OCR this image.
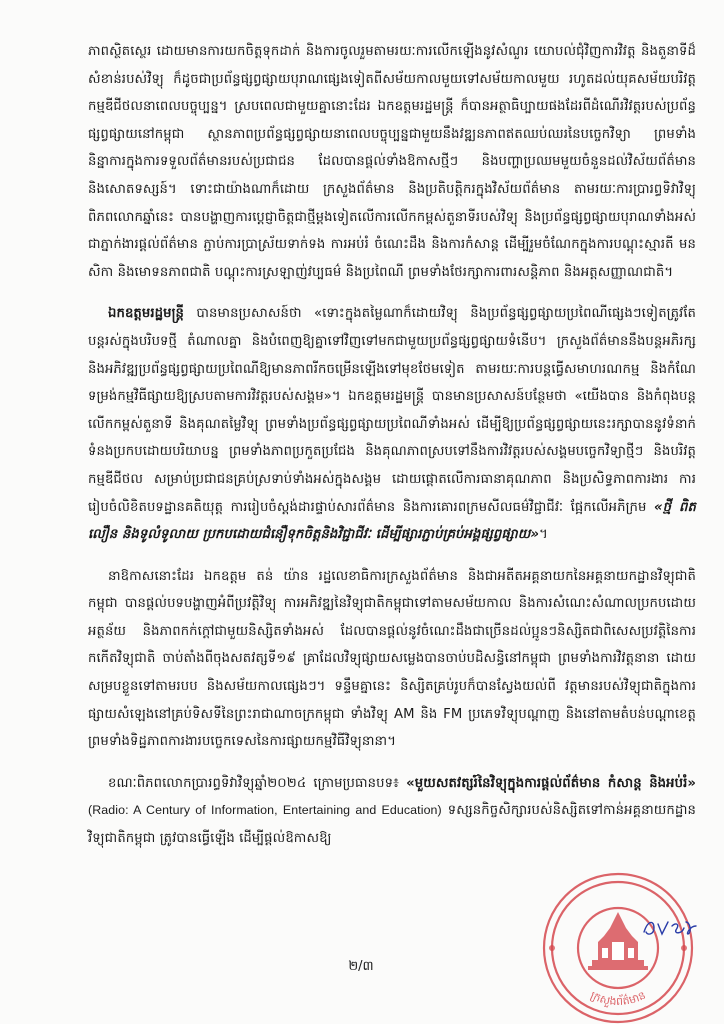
ភាពស្ថិតស្ថេរ ដោយមានការយកចិត្តទុកដាក់ និងការចូលរួមតាមរយៈការលើកឡើងនូវសំណួរ យោបល់ជុំវិញការវិវត្ត និងតួនាទីដ៏សំខាន់របស់វិទ្យុ ក៏ដូចជាប្រព័ន្ធផ្សព្វផ្សាយបុរាណផ្សេងទៀតពីសម័យកាលមួយទៅសម័យកាលមួយ រហូតដល់យុគសម័យបរិវត្តកម្មឌីជីថលនាពេលបច្ចុប្បន្ន។ ស្របពេលជាមួយគ្នានោះដែរ ឯកឧត្តមរដ្ឋមន្ត្រី ក៏បានអត្ថាធិប្បាយផងដែរពីដំណើរវិវត្តរបស់ប្រព័ន្ធផ្សព្វផ្សាយនៅកម្ពុជា ស្ថានភាពប្រព័ន្ធផ្សព្វផ្សាយនាពេលបច្ចុប្បន្នជាមួយនឹងវឌ្ឍនភាពឥតឈប់ឈរនៃបច្ចេកវិទ្យា ព្រមទាំងនិន្នាការក្នុងការទទួលព័ត៌មានរបស់ប្រជាជន ដែលបានផ្ដល់ទាំងឱកាសថ្មីៗ និងបញ្ហាប្រឈមមួយចំនួនដល់វិស័យព័ត៌មាន និងសោតទស្សន៍។ ទោះជាយ៉ាងណាក៏ដោយ ក្រសួងព័ត៌មាន និងប្រតិបត្តិករក្នុងវិស័យព័ត៌មាន តាមរយៈការប្រារព្ធទិវាវិទ្យុពិភពលោកឆ្នាំនេះ បានបង្ហាញការប្តេជ្ញាចិត្តជាថ្មីម្តងទៀតលើការលើកកម្ពស់តួនាទីរបស់វិទ្យុ និងប្រព័ន្ធផ្សព្វផ្សាយបុរាណទាំងអស់ ជាភ្នាក់ងារផ្ដល់ព័ត៌មាន ភ្ជាប់ការប្រាស្រ័យទាក់ទង ការអប់រំ ចំណេះដឹង និងការកំសាន្ត ដើម្បីរួមចំណែកក្នុងការបណ្ដុះស្មារតី មនសិកា និងមោទនភាពជាតិ បណ្ដុះការស្រឡាញ់វប្បធម៌ និងប្រពៃណី ព្រមទាំងថែរក្សាការពារសន្តិភាព និងអត្តសញ្ញាណជាតិ។

ឯកឧត្តមរដ្ឋមន្ត្រី បានមានប្រសាសន៍ថា «ទោះក្នុងតម្លៃណាក៏ដោយវិទ្យុ និងប្រព័ន្ធផ្សព្វផ្សាយប្រពៃណីផ្សេងៗទៀតត្រូវតែបន្តរស់ក្នុងបរិបទថ្មី តំណាលគ្នា និងបំពេញឱ្យគ្នាទៅវិញទៅមកជាមួយប្រព័ន្ធផ្សព្វផ្សាយទំនើប។ ក្រសួងព័ត៌មាននឹងបន្តអភិរក្ស និងអភិវឌ្ឍប្រព័ន្ធផ្សព្វផ្សាយប្រពៃណីឱ្យមានភាពរីកចម្រើនឡើងទៅមុខថែមទៀត តាមរយៈការបន្តធ្វើសមាហរណកម្ម និងកំណែទម្រង់កម្មវិធីផ្សាយឱ្យស្របតាមការវិវត្តរបស់សង្គម»។ ឯកឧត្តមរដ្ឋមន្ត្រី បានមានប្រសាសន៍បន្ថែមថា «យើងបាន និងកំពុងបន្តលើកកម្ពស់តួនាទី និងគុណតម្លៃវិទ្យុ ព្រមទាំងប្រព័ន្ធផ្សព្វផ្សាយប្រពៃណីទាំងអស់ ដើម្បីឱ្យប្រព័ន្ធផ្សព្វផ្សាយនេះរក្សាបាននូវទំនាក់ទំនងប្រកបដោយបរិយាបន្ន ព្រមទាំងភាពប្រកួតប្រជែង និងគុណភាពស្របទៅនឹងការវិវត្តរបស់សង្គមបច្ចេកវិទ្យាថ្មីៗ និងបរិវត្តកម្មឌីជីថល សម្រាប់ប្រជាជនគ្រប់ស្រទាប់ទាំងអស់ក្នុងសង្គម ដោយផ្តោតលើការធានាគុណភាព និងប្រសិទ្ធភាពការងារ ការរៀបចំលិខិតបទដ្ឋានគតិយុត្ត ការរៀបចំស្ដង់ដារផ្ទាប់សារព័ត៌មាន និងការគោរពក្រមសីលធម៌វិជ្ជាជីវៈ ផ្អែកលើអភិក្រម «ថ្មី ពិត លឿន និងទូលំទូលាយ ប្រកបដោយជំនឿទុកចិត្តនិងវិជ្ជាជីវៈ ដើម្បីផ្សារភ្ជាប់គ្រប់អង្គផ្សព្វផ្សាយ»។

នាឱកាសនោះដែរ ឯកឧត្តម តន់ យ៉ាន រដ្ឋលេខាធិការក្រសួងព័ត៌មាន និងជាអតីតអគ្គនាយកនៃអគ្គនាយកដ្ឋានវិទ្យុជាតិកម្ពុជា បានផ្ដល់បទបង្ហាញអំពីប្រវត្តិវិទ្យុ ការអភិវឌ្ឍនៃវិទ្យុជាតិកម្ពុជាទៅតាមសម័យកាល និងការសំណេះសំណាលប្រកបដោយអត្ថន័យ និងភាពកក់ក្ដៅជាមួយនិស្សិតទាំងអស់ ដែលបានផ្ដល់នូវចំណេះដឹងជាច្រើនដល់ប្អូនៗនិស្សិតជាពិសេសប្រវត្តិនៃការកកើតវិទ្យុជាតិ ចាប់តាំងពីចុងសតវត្សទី១៩ គ្រាដែលវិទ្យុផ្សាយសម្លេងបានចាប់បដិសន្ធិនៅកម្ពុជា ព្រមទាំងការវិវត្តនានា ដោយសម្របខ្លួនទៅតាមរបប និងសម័យកាលផ្សេងៗ។ ទន្ទឹមគ្នានេះ និស្សិតគ្រប់រូបក៏បានស្វែងយល់ពី វត្តមានរបស់វិទ្យុជាតិក្នុងការផ្សាយសំឡេងនៅគ្រប់ទិសទីនៃព្រះរាជាណាចក្រកម្ពុជា ទាំងវិទ្យុ AM និង FM ប្រភេទវិទ្យុបណ្ដាញ និងនៅតាមតំបន់បណ្ដាខេត្ត ព្រមទាំងទិដ្ឋភាពការងារបច្ចេកទេសនៃការផ្សាយកម្មវិធីវិទ្យុនានា។

ខណៈពិភពលោកប្រារព្ធទិវាវិទ្យុឆ្នាំ២០២៤ ក្រោមប្រធានបទ៖ «មួយសតវត្សរ៍នៃវិទ្យុក្នុងការផ្ដល់ព័ត៌មាន កំសាន្ត និងអប់រំ» (Radio: A Century of Information, Entertaining and Education) ទស្សនកិច្ចសិក្សារបស់និស្សិតទៅកាន់អគ្គនាយកដ្ឋានវិទ្យុជាតិកម្ពុជា ត្រូវបានធ្វើឡើង ដើម្បីផ្ដល់ឱកាសឱ្យ

២/៣
ក្រសួងព័ត៌មាន
